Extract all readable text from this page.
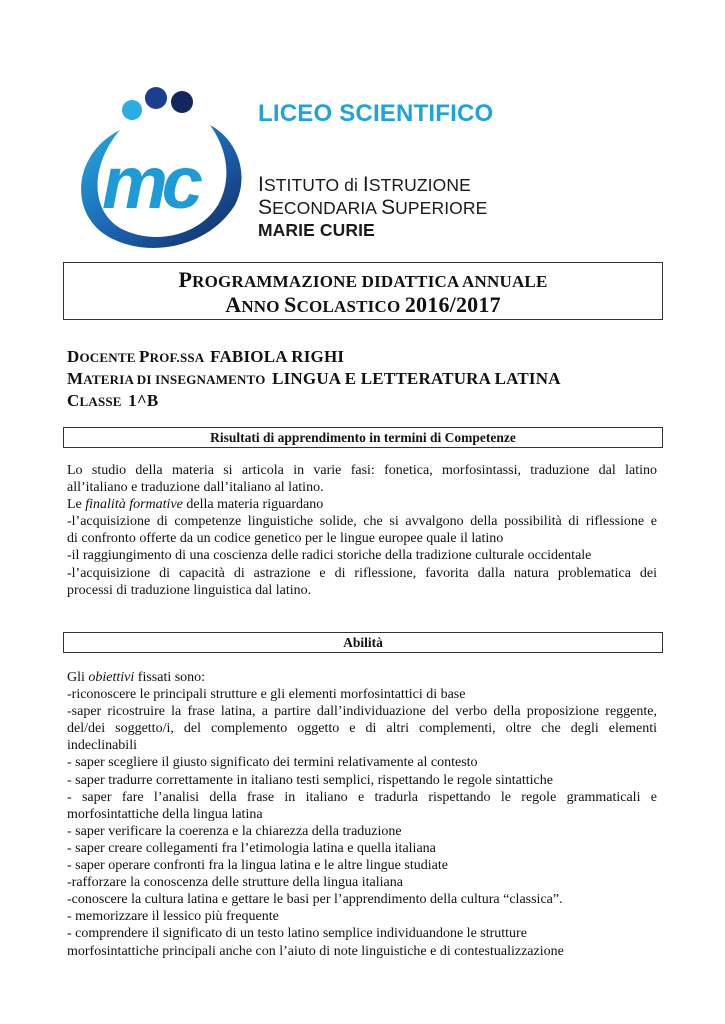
mc
LICEO SCIENTIFICO
ISTITUTO di ISTRUZIONE
SECONDARIA SUPERIORE
MARIE CURIE
PROGRAMMAZIONE DIDATTICA ANNUALE
ANNO SCOLASTICO 2016/2017
DOCENTE PROF.SSA FABIOLA RIGHI
MATERIA DI INSEGNAMENTO LINGUA E LETTERATURA LATINA
CLASSE 1^B
Risultati di apprendimento in termini di Competenze

Lo studio della materia si articola in varie fasi: fonetica, morfosintassi, traduzione dal latino

all’italiano e traduzione dall’italiano al latino.

Le finalità formative della materia riguardano

-l’acquisizione di competenze linguistiche solide, che si avvalgono della possibilità di riflessione e

di confronto offerte da un codice genetico per le lingue europee quale il latino

-il raggiungimento di una coscienza delle radici storiche della tradizione culturale occidentale

-l’acquisizione di capacità di astrazione e di riflessione, favorita dalla natura problematica dei

processi di traduzione linguistica dal latino.

Abilità

Gli obiettivi fissati sono:

-riconoscere le principali strutture e gli elementi morfosintattici di base

-saper ricostruire la frase latina, a partire dall’individuazione del verbo della proposizione reggente,

del/dei soggetto/i, del complemento oggetto e di altri complementi, oltre che degli elementi

indeclinabili

- saper scegliere il giusto significato dei termini relativamente al contesto

- saper tradurre correttamente in italiano testi semplici, rispettando le regole sintattiche

- saper fare l’analisi della frase in italiano e tradurla rispettando le regole grammaticali e

morfosintattiche della lingua latina

- saper verificare la coerenza e la chiarezza della traduzione

- saper creare collegamenti fra l’etimologia latina e quella italiana

- saper operare confronti fra la lingua latina e le altre lingue studiate

-rafforzare la conoscenza delle strutture della lingua italiana

-conoscere la cultura latina e gettare le basi per l’apprendimento della cultura “classica”.

- memorizzare il lessico più frequente

- comprendere il significato di un testo latino semplice individuandone le strutture

morfosintattiche principali anche con l’aiuto di note linguistiche e di contestualizzazione
